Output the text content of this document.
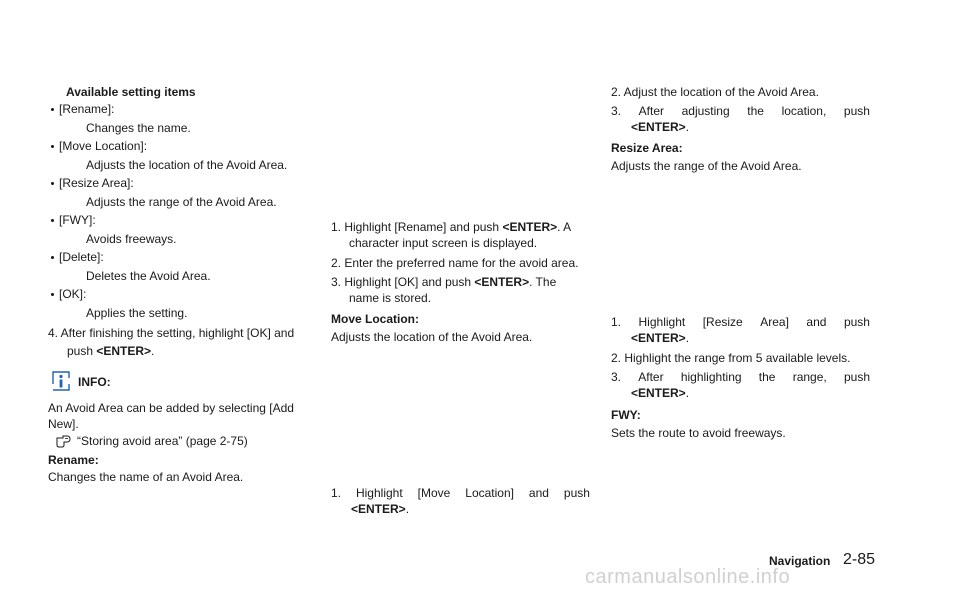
Available setting items
[Rename]:
Changes the name.
[Move Location]:
Adjusts the location of the Avoid Area.
[Resize Area]:
Adjusts the range of the Avoid Area.
[FWY]:
Avoids freeways.
[Delete]:
Deletes the Avoid Area.
[OK]:
Applies the setting.
4. After finishing the setting, highlight [OK] and
push <ENTER>.
INFO:
An Avoid Area can be added by selecting [Add
New].
“Storing avoid area” (page 2-75)
Rename:
Changes the name of an Avoid Area.
1. Highlight [Rename] and push <ENTER>. A
character input screen is displayed.
2. Enter the preferred name for the avoid area.
3. Highlight [OK] and push <ENTER>. The
name is stored.
Move Location:
Adjusts the location of the Avoid Area.
1. Highlight [Move Location] and push
<ENTER>.
2. Adjust the location of the Avoid Area.
3. After adjusting the location, push
<ENTER>.
Resize Area:
Adjusts the range of the Avoid Area.
1. Highlight [Resize Area] and push
<ENTER>.
2. Highlight the range from 5 available levels.
3. After highlighting the range, push
<ENTER>.
FWY:
Sets the route to avoid freeways.
Navigation 2-85
carmanualsonline.info
